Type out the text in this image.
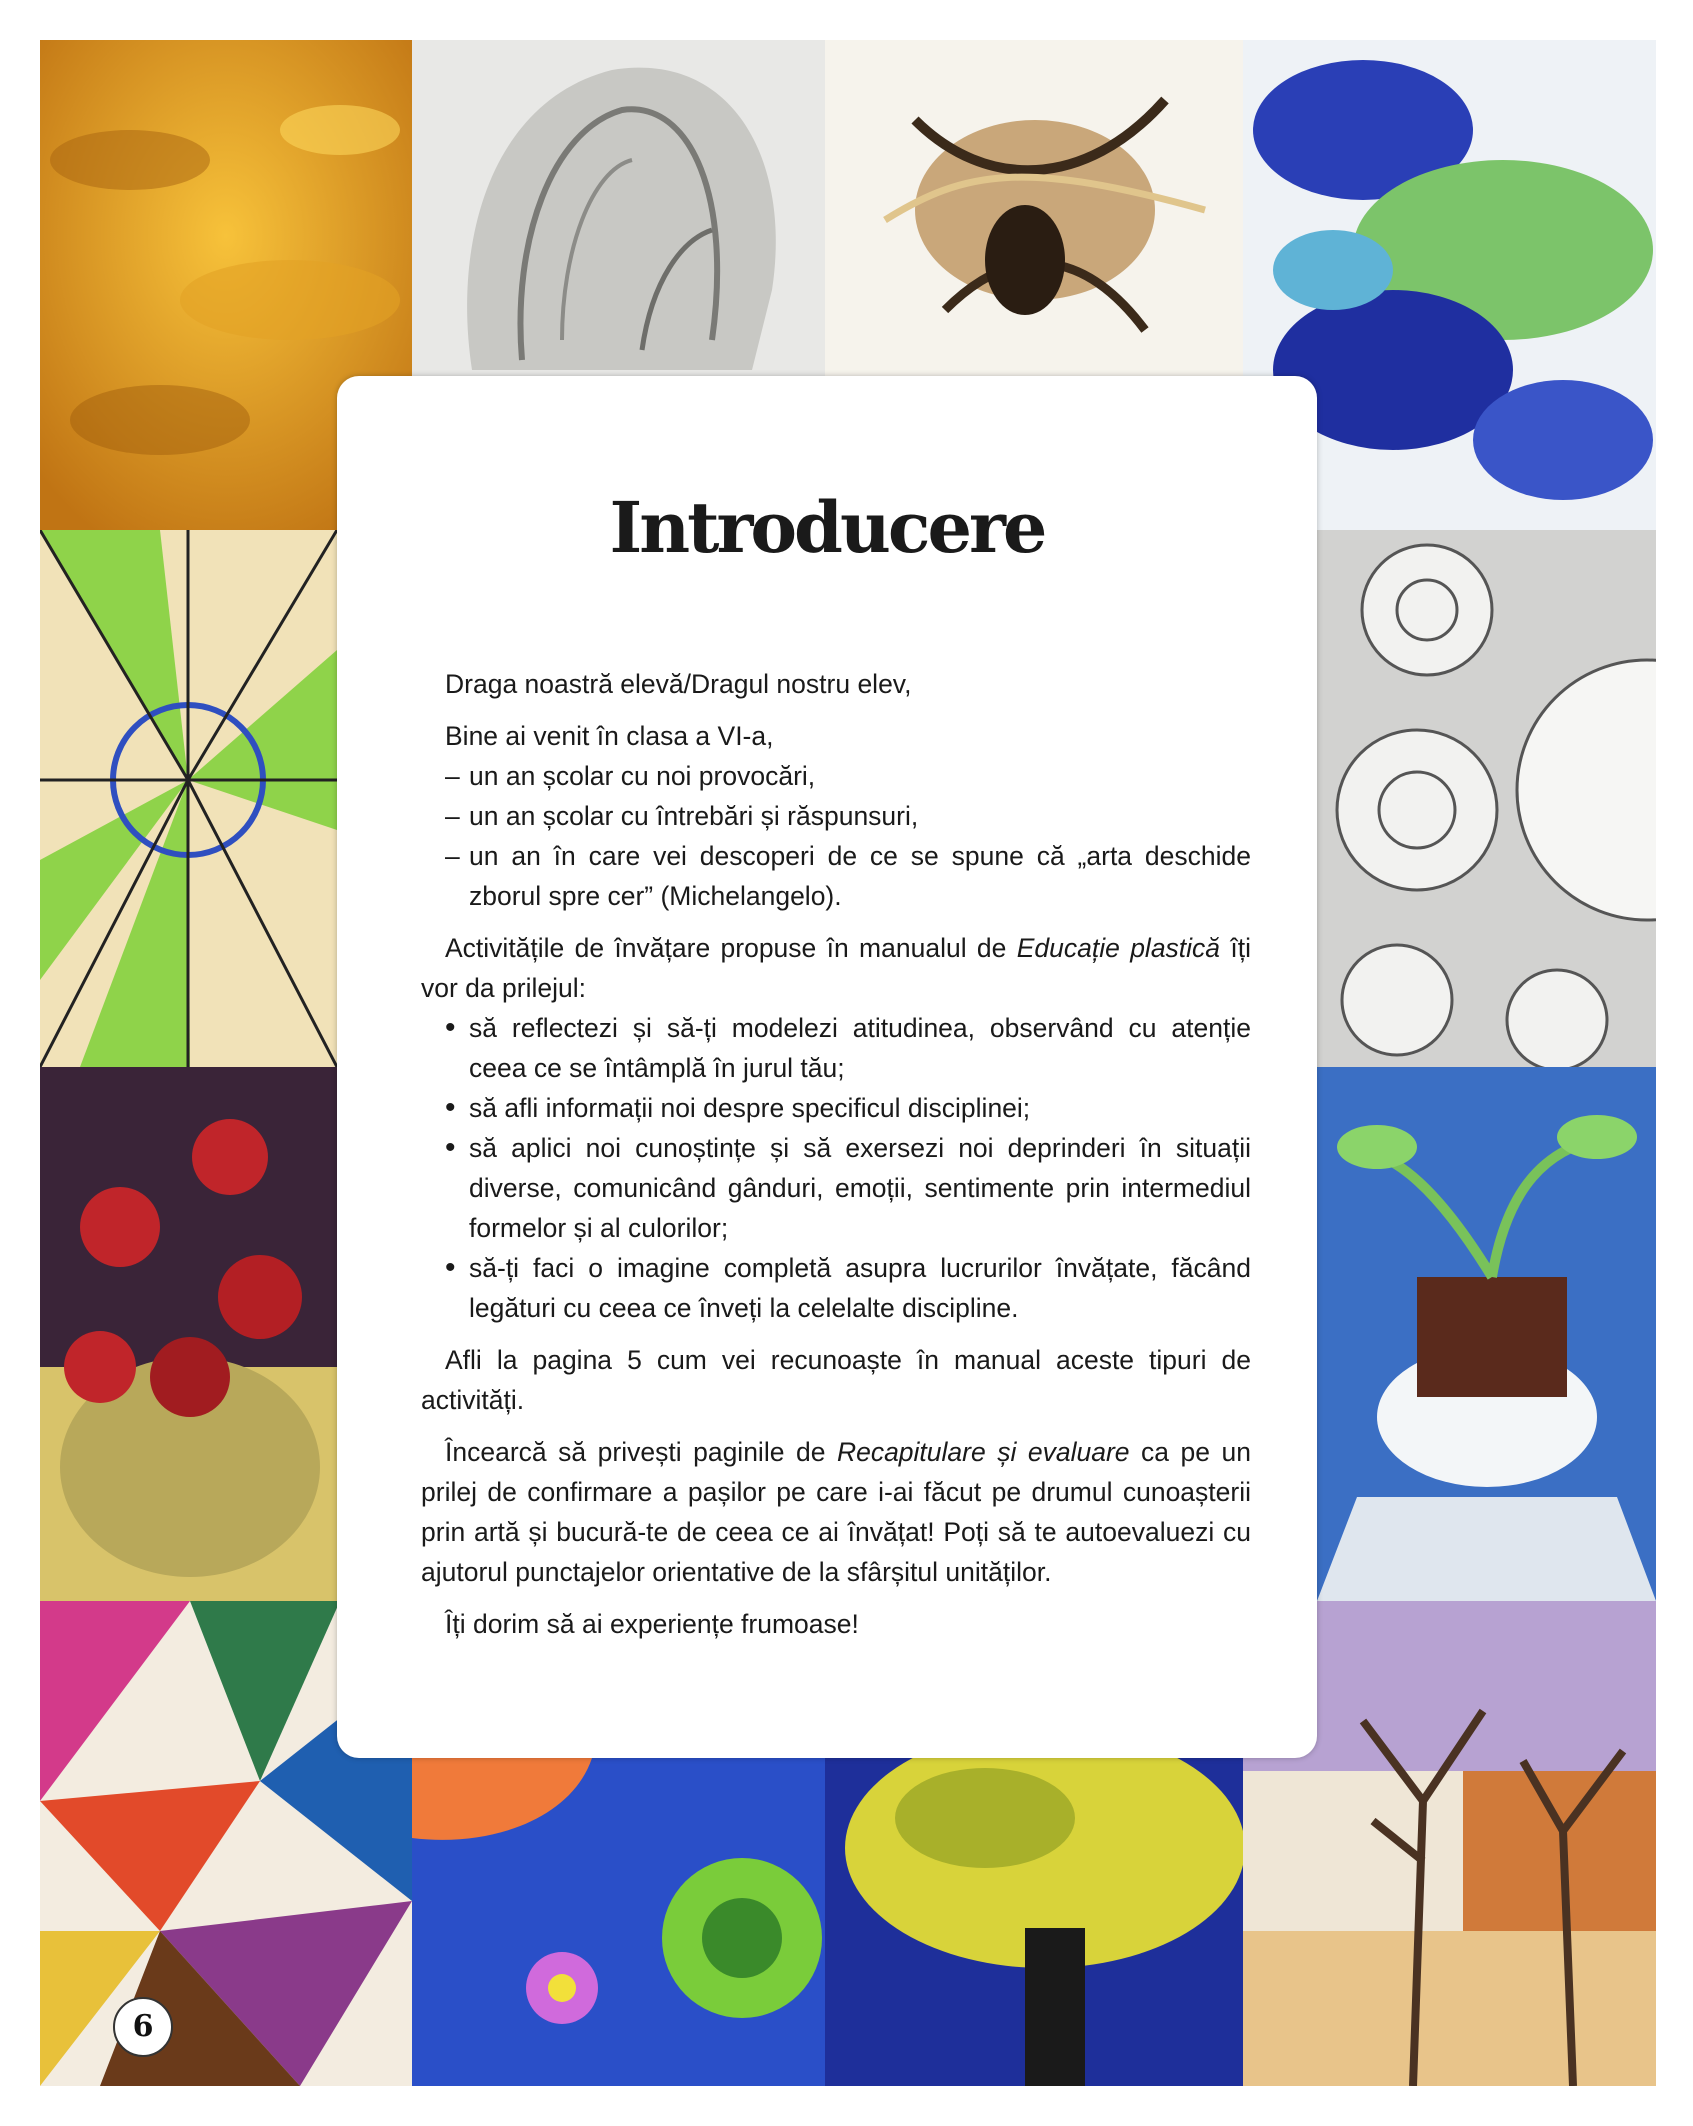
Introducere

Draga noastră elevă/Dragul nostru elev,

Bine ai venit în clasa a VI-a,

– un an școlar cu noi provocări,
– un an școlar cu întrebări și răspunsuri,
– un an în care vei descoperi de ce se spune că „arta deschide zborul spre cer” (Michelangelo).

Activitățile de învățare propuse în manualul de Educație plastică îți vor da prilejul:

• să reflectezi și să-ți modelezi atitudinea, observând cu atenție ceea ce se întâmplă în jurul tău;
• să afli informații noi despre specificul disciplinei;
• să aplici noi cunoștințe și să exersezi noi deprinderi în situații diverse, comunicând gânduri, emoții, sentimente prin intermediul formelor și al culorilor;
• să-ți faci o imagine completă asupra lucrurilor învățate, făcând legături cu ceea ce înveți la celelalte discipline.

Afli la pagina 5 cum vei recunoaște în manual aceste tipuri de activități.

Încearcă să privești paginile de Recapitulare și evaluare ca pe un prilej de confirmare a pașilor pe care i-ai făcut pe drumul cunoașterii prin artă și bucură-te de ceea ce ai învățat! Poți să te autoevaluezi cu ajutorul punctajelor orientative de la sfârșitul unităților.

Îți dorim să ai experiențe frumoase!

6
